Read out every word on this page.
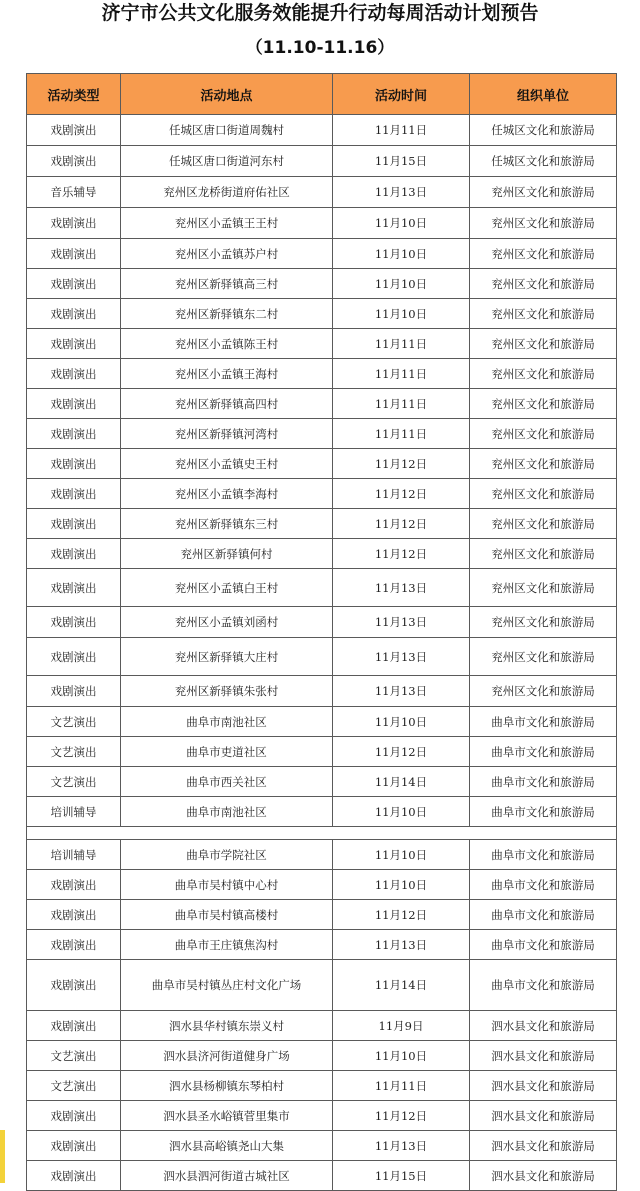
济宁市公共文化服务效能提升行动每周活动计划预告
（11.10-11.16）
活动类型	活动地点	活动时间	组织单位
戏剧演出	任城区唐口街道周魏村	11月11日	任城区文化和旅游局
戏剧演出	任城区唐口街道河东村	11月15日	任城区文化和旅游局
音乐辅导	兖州区龙桥街道府佑社区	11月13日	兖州区文化和旅游局
戏剧演出	兖州区小孟镇王王村	11月10日	兖州区文化和旅游局
戏剧演出	兖州区小孟镇苏户村	11月10日	兖州区文化和旅游局
戏剧演出	兖州区新驿镇高三村	11月10日	兖州区文化和旅游局
戏剧演出	兖州区新驿镇东二村	11月10日	兖州区文化和旅游局
戏剧演出	兖州区小孟镇陈王村	11月11日	兖州区文化和旅游局
戏剧演出	兖州区小孟镇王海村	11月11日	兖州区文化和旅游局
戏剧演出	兖州区新驿镇高四村	11月11日	兖州区文化和旅游局
戏剧演出	兖州区新驿镇河湾村	11月11日	兖州区文化和旅游局
戏剧演出	兖州区小孟镇史王村	11月12日	兖州区文化和旅游局
戏剧演出	兖州区小孟镇李海村	11月12日	兖州区文化和旅游局
戏剧演出	兖州区新驿镇东三村	11月12日	兖州区文化和旅游局
戏剧演出	兖州区新驿镇何村	11月12日	兖州区文化和旅游局
戏剧演出	兖州区小孟镇白王村	11月13日	兖州区文化和旅游局
戏剧演出	兖州区小孟镇刘函村	11月13日	兖州区文化和旅游局
戏剧演出	兖州区新驿镇大庄村	11月13日	兖州区文化和旅游局
戏剧演出	兖州区新驿镇朱张村	11月13日	兖州区文化和旅游局
文艺演出	曲阜市南池社区	11月10日	曲阜市文化和旅游局
文艺演出	曲阜市吏道社区	11月12日	曲阜市文化和旅游局
文艺演出	曲阜市西关社区	11月14日	曲阜市文化和旅游局
培训辅导	曲阜市南池社区	11月10日	曲阜市文化和旅游局

培训辅导	曲阜市学院社区	11月10日	曲阜市文化和旅游局
戏剧演出	曲阜市吴村镇中心村	11月10日	曲阜市文化和旅游局
戏剧演出	曲阜市吴村镇高楼村	11月12日	曲阜市文化和旅游局
戏剧演出	曲阜市王庄镇焦沟村	11月13日	曲阜市文化和旅游局
戏剧演出	曲阜市吴村镇丛庄村文化广场	11月14日	曲阜市文化和旅游局
戏剧演出	泗水县华村镇东崇义村	11月9日	泗水县文化和旅游局
文艺演出	泗水县济河街道健身广场	11月10日	泗水县文化和旅游局
文艺演出	泗水县杨柳镇东琴柏村	11月11日	泗水县文化和旅游局
戏剧演出	泗水县圣水峪镇菅里集市	11月12日	泗水县文化和旅游局
戏剧演出	泗水县高峪镇尧山大集	11月13日	泗水县文化和旅游局
戏剧演出	泗水县泗河街道古城社区	11月15日	泗水县文化和旅游局
